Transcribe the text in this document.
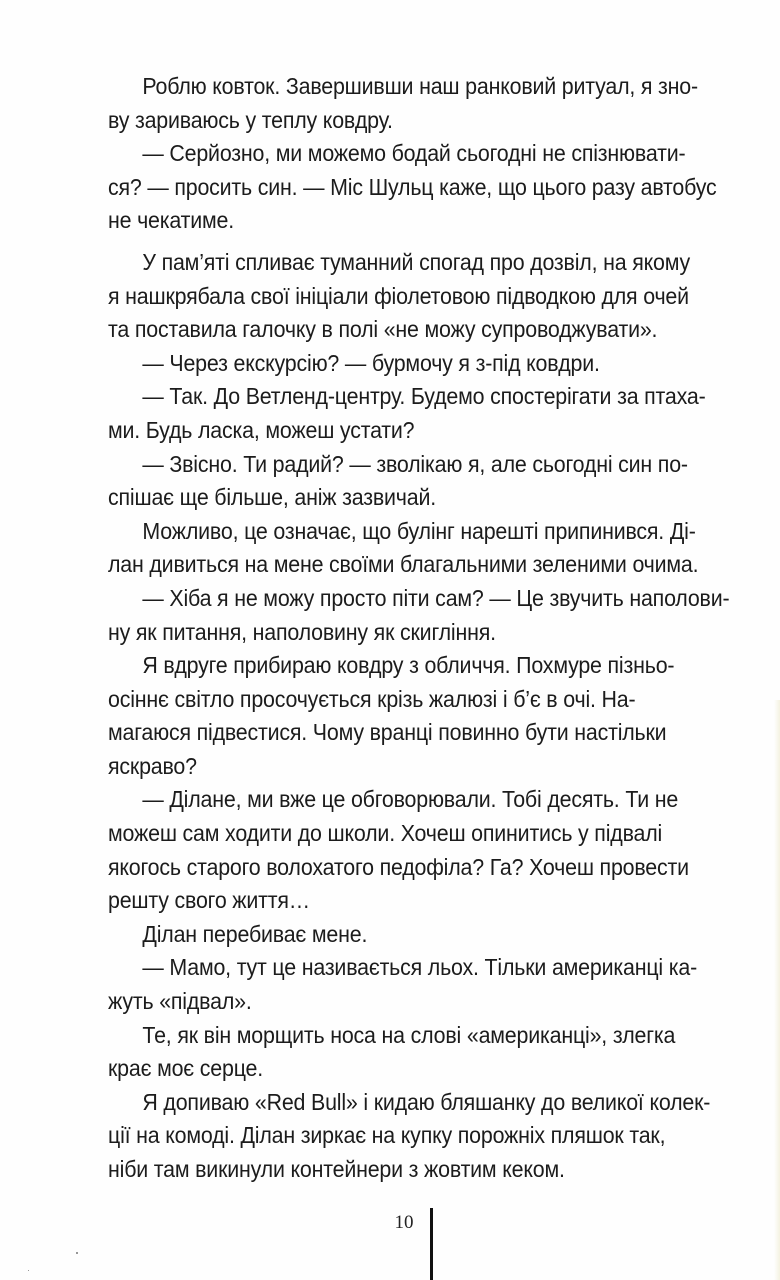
Роблю ковток. Завершивши наш ранковий ритуал, я зно-
ву зариваюсь у теплу ковдру.
— Серйозно, ми можемо бодай сьогодні не спізнювати-
ся? — просить син. — Міс Шульц каже, що цього разу автобус
не чекатиме.
У пам’яті спливає туманний спогад про дозвіл, на якому
я нашкрябала свої ініціали фіолетовою підводкою для очей
та поставила галочку в полі «не можу супроводжувати».
— Через екскурсію? — бурмочу я з-під ковдри.
— Так. До Ветленд-центру. Будемо спостерігати за птаха-
ми. Будь ласка, можеш устати?
— Звісно. Ти радий? — зволікаю я, але сьогодні син по-
спішає ще більше, аніж зазвичай.
Можливо, це означає, що булінг нарешті припинився. Ді-
лан дивиться на мене своїми благальними зеленими очима.
— Хіба я не можу просто піти сам? — Це звучить наполови-
ну як питання, наполовину як скигління.
Я вдруге прибираю ковдру з обличчя. Похмуре пізньо-
осіннє світло просочується крізь жалюзі і б’є в очі. На-
магаюся підвестися. Чому вранці повинно бути настільки
яскраво?
— Ділане, ми вже це обговорювали. Тобі десять. Ти не
можеш сам ходити до школи. Хочеш опинитись у підвалі
якогось старого волохатого педофіла? Га? Хочеш провести
решту свого життя…
Ділан перебиває мене.
— Мамо, тут це називається льох. Тільки американці ка-
жуть «підвал».
Те, як він морщить носа на слові «американці», злегка
крає моє серце.
Я допиваю «Red Bull» і кидаю бляшанку до великої колек-
ції на комоді. Ділан зиркає на купку порожніх пляшок так,
ніби там викинули контейнери з жовтим кеком.
10
